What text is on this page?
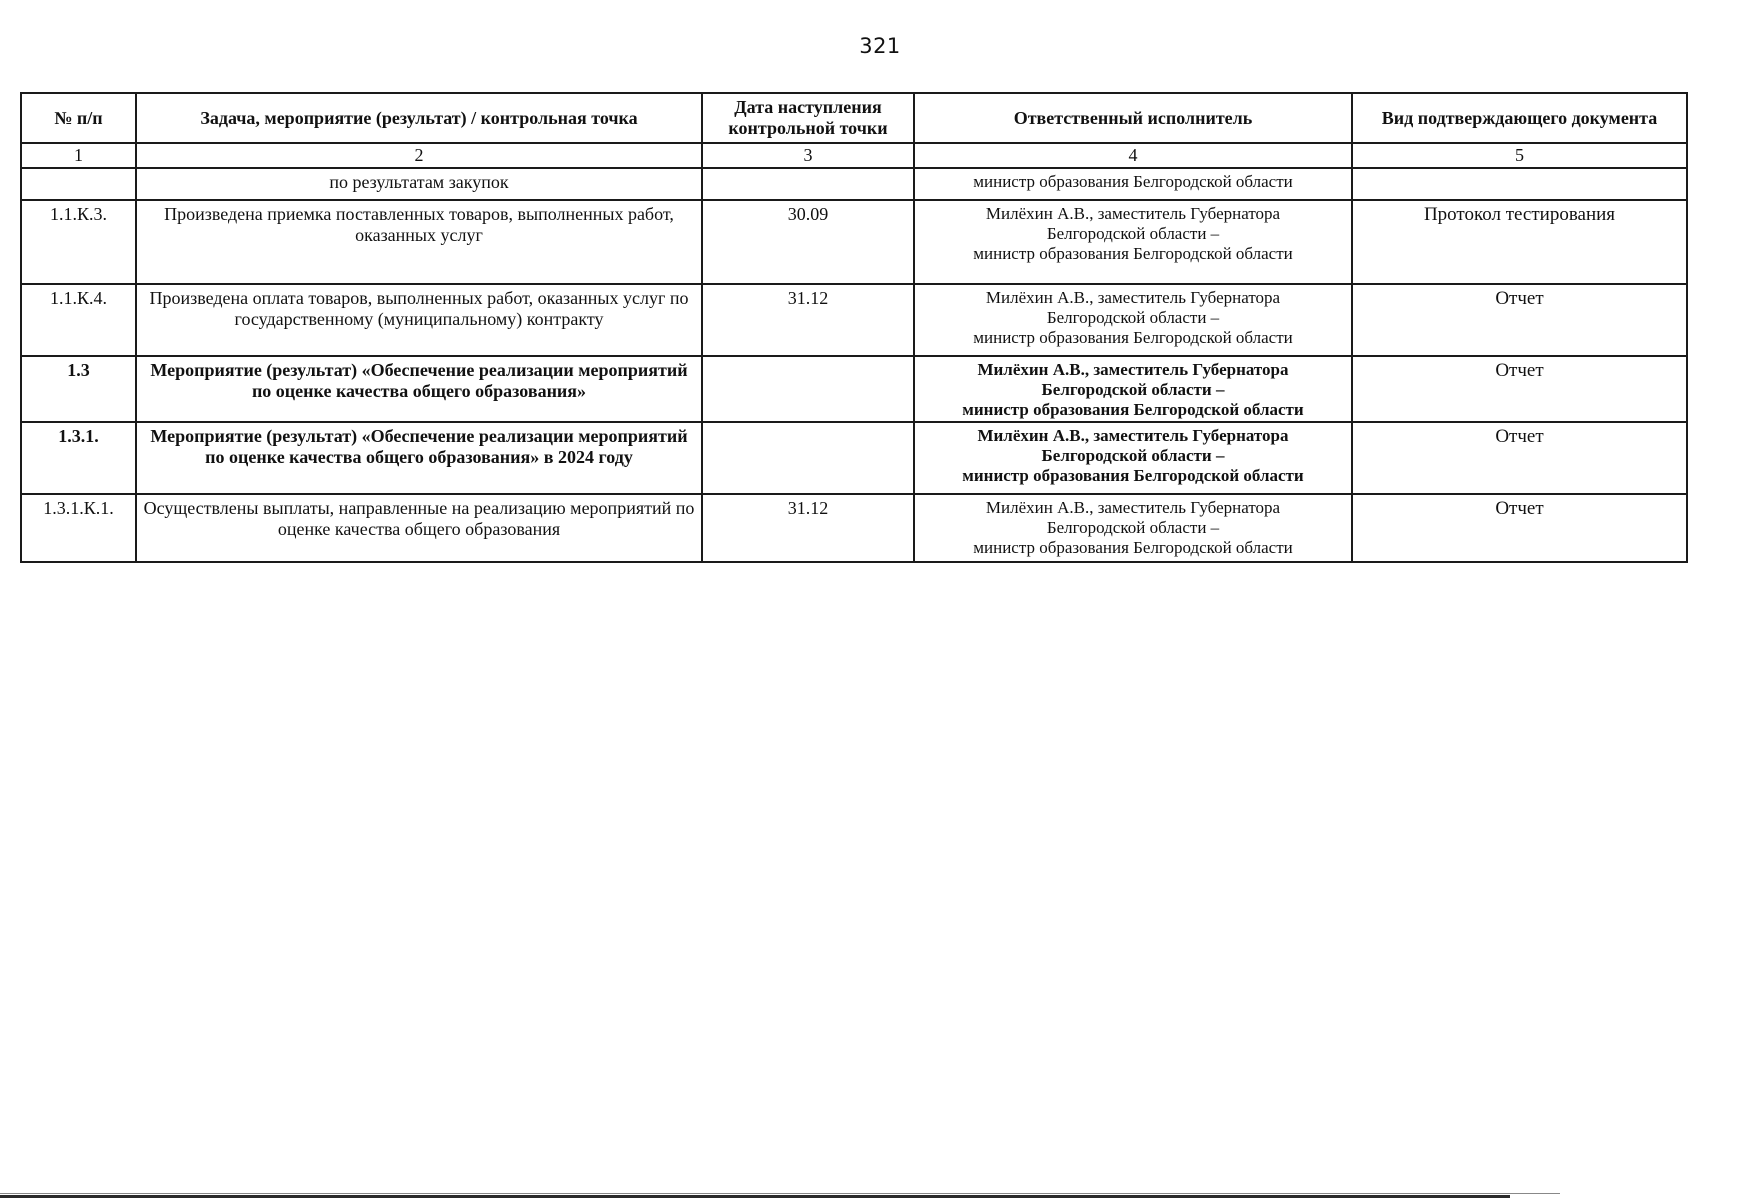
321
№ п/п	Задача, мероприятие (результат) / контрольная точка	Дата наступления контрольной точки	Ответственный исполнитель	Вид подтверждающего документа
1	2	3	4	5
	по результатам закупок		министр образования Белгородской области	
1.1.К.3.	Произведена приемка поставленных товаров, выполненных работ, оказанных услуг	30.09	Милёхин А.В., заместитель Губернатора
Белгородской области –
министр образования Белгородской области	Протокол тестирования
1.1.К.4.	Произведена оплата товаров, выполненных работ, оказанных услуг по государственному (муниципальному) контракту	31.12	Милёхин А.В., заместитель Губернатора
Белгородской области –
министр образования Белгородской области	Отчет
1.3	Мероприятие (результат) «Обеспечение реализации мероприятий по оценке качества общего образования»		Милёхин А.В., заместитель Губернатора
Белгородской области –
министр образования Белгородской области	Отчет
1.3.1.	Мероприятие (результат) «Обеспечение реализации мероприятий по оценке качества общего образования» в 2024 году		Милёхин А.В., заместитель Губернатора
Белгородской области –
министр образования Белгородской области	Отчет
1.3.1.К.1.	Осуществлены выплаты, направленные на реализацию мероприятий по оценке качества общего образования	31.12	Милёхин А.В., заместитель Губернатора
Белгородской области –
министр образования Белгородской области	Отчет
